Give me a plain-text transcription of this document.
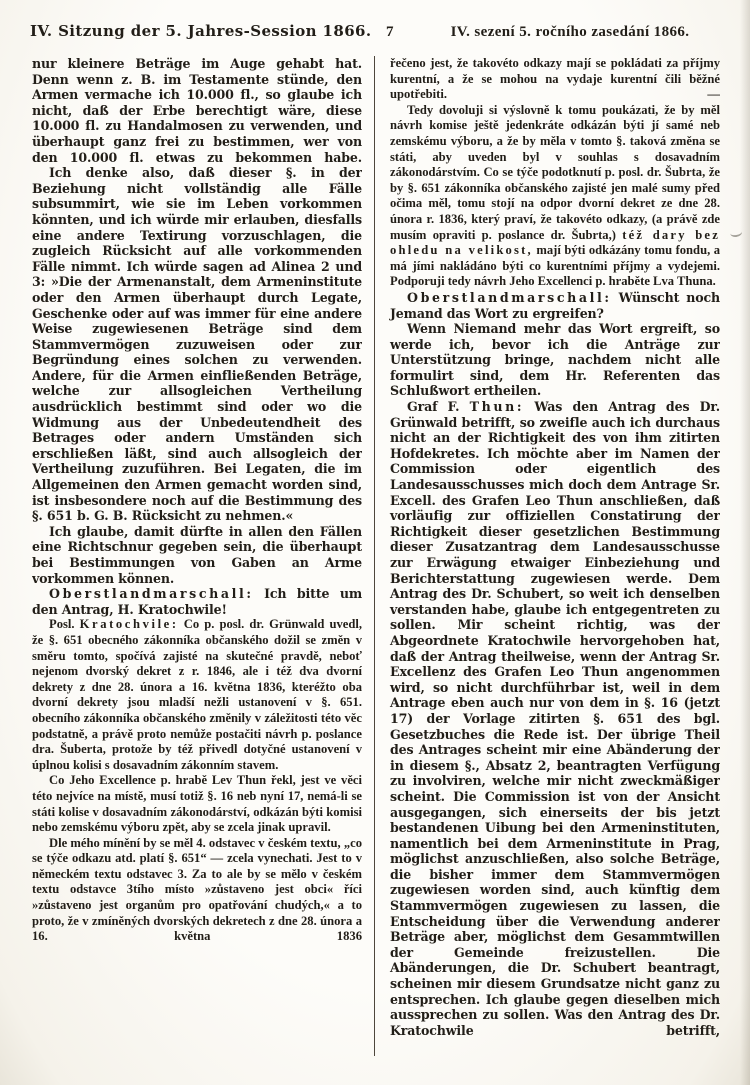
IV. Sitzung der 5. Jahres-Session 1866. 7	IV. sezení 5. ročního zasedání 1866.

nur kleinere Beträge im Auge gehabt hat. Denn wenn z. B. im Testamente stünde, den Armen vermache ich 10.000 fl., so glaube ich nicht, daß der Erbe berechtigt wäre, diese 10.000 fl. zu Handalmosen zu verwenden, und überhaupt ganz frei zu bestimmen, wer von den 10.000 fl. etwas zu bekommen habe.

Ich denke also, daß dieser §. in der Beziehung nicht vollständig alle Fälle subsummirt, wie sie im Leben vorkommen könnten, und ich würde mir erlauben, diesfalls eine andere Textirung vorzuschlagen, die zugleich Rücksicht auf alle vorkommenden Fälle nimmt. Ich würde sagen ad Alinea 2 und 3: »Die der Armenanstalt, dem Armeninstitute oder den Armen überhaupt durch Legate, Geschenke oder auf was immer für eine andere Weise zugewiesenen Beträge sind dem Stammvermögen zuzuweisen oder zur Begründung eines solchen zu verwenden. Andere, für die Armen einfließenden Beträge, welche zur allsogleichen Vertheilung ausdrücklich bestimmt sind oder wo die Widmung aus der Unbedeutendheit des Betrages oder andern Umständen sich erschließen läßt, sind auch allsogleich der Vertheilung zuzuführen. Bei Legaten, die im Allgemeinen den Armen gemacht worden sind, ist insbesondere noch auf die Bestimmung des §. 651 b. G. B. Rücksicht zu nehmen.«

Ich glaube, damit dürfte in allen den Fällen eine Richtschnur gegeben sein, die überhaupt bei Bestimmungen von Gaben an Arme vorkommen können.

Oberstlandmarschall: Ich bitte um den Antrag, H. Kratochwile!

Posl. Kratochvile: Co p. posl. dr. Grünwald uvedl, že §. 651 obecného zákonníka občanského dožil se změn v směru tomto, spočívá zajisté na skutečné pravdě, neboť nejenom dvorský dekret z r. 1846, ale i též dva dvorní dekrety z dne 28. února a 16. května 1836, kteréžto oba dvorní dekrety jsou mladší nežli ustanovení v §. 651. obecního zákonníka občanského změnily v záležitosti této věc podstatně, a právě proto nemůže postačiti návrh p. poslance dra. Šuberta, protože by též přivedl dotyčné ustanovení v úplnou kolisi s dosavadním zákonním stavem.

Co Jeho Excellence p. hrabě Lev Thun řekl, jest ve věci této nejvíce na místě, musí totiž §. 16 neb nyní 17, nemá-li se státi kolise v dosavadním zákonodárství, odkázán býti komisi nebo zemskému výboru zpět, aby se zcela jinak upravil.

Dle mého mínění by se měl 4. odstavec v českém textu, „co se týče odkazu atd. platí §. 651“ — zcela vynechati. Jest to v německém textu odstavec 3. Za to ale by se mělo v českém textu odstavce 3tího místo »zůstaveno jest obci« říci »zůstaveno jest organům pro opatřování chudých,« a to proto, že v zmíněných dvorských dekretech z dne 28. února a 16. května 1836

řečeno jest, že takovéto odkazy mají se pokládati za příjmy kurentní, a že se mohou na vydaje kurentní čili běžné upotřebiti. —

Tedy dovoluji si výslovně k tomu poukázati, že by měl návrh komise ještě jedenkráte odkázán býti jí samé neb zemskému výboru, a že by měla v tomto §. taková změna se státi, aby uveden byl v souhlas s dosavadním zákonodárstvím. Co se týče podotknutí p. posl. dr. Šubrta, že by §. 651 zákonníka občanského zajisté jen malé sumy před očima měl, tomu stojí na odpor dvorní dekret ze dne 28. února r. 1836, který praví, že takovéto odkazy, (a právě zde musím opraviti p. poslance dr. Šubrta,) též dary bez ohledu na velikost, mají býti odkázány tomu fondu, a má jími nakládáno býti co kurentními příjmy a vydejemi. Podporuji tedy návrh Jeho Excellenci p. hraběte Lva Thuna.

Oberstlandmarschall: Wünscht noch Jemand das Wort zu ergreifen?

Wenn Niemand mehr das Wort ergreift, so werde ich, bevor ich die Anträge zur Unterstützung bringe, nachdem nicht alle formulirt sind, dem Hr. Referenten das Schlußwort ertheilen.

Graf F. Thun: Was den Antrag des Dr. Grünwald betrifft, so zweifle auch ich durchaus nicht an der Richtigkeit des von ihm zitirten Hofdekretes. Ich möchte aber im Namen der Commission oder eigentlich des Landesausschusses mich doch dem Antrage Sr. Excell. des Grafen Leo Thun anschließen, daß vorläufig zur offiziellen Constatirung der Richtigkeit dieser gesetzlichen Bestimmung dieser Zusatzantrag dem Landesausschusse zur Erwägung etwaiger Einbeziehung und Berichterstattung zugewiesen werde. Dem Antrag des Dr. Schubert, so weit ich denselben verstanden habe, glaube ich entgegentreten zu sollen. Mir scheint richtig, was der Abgeordnete Kratochwile hervorgehoben hat, daß der Antrag theilweise, wenn der Antrag Sr. Excellenz des Grafen Leo Thun angenommen wird, so nicht durchführbar ist, weil in dem Antrage eben auch nur von dem in §. 16 (jetzt 17) der Vorlage zitirten §. 651 des bgl. Gesetzbuches die Rede ist. Der übrige Theil des Antrages scheint mir eine Abänderung der in diesem §., Absatz 2, beantragten Verfügung zu involviren, welche mir nicht zweckmäßiger scheint. Die Commission ist von der Ansicht ausgegangen, sich einerseits der bis jetzt bestandenen Uibung bei den Armeninstituten, namentlich bei dem Armeninstitute in Prag, möglichst anzuschließen, also solche Beträge, die bisher immer dem Stammvermögen zugewiesen worden sind, auch künftig dem Stammvermögen zugewiesen zu lassen, die Entscheidung über die Verwendung anderer Beträge aber, möglichst dem Gesammtwillen der Gemeinde freizustellen. Die Abänderungen, die Dr. Schubert beantragt, scheinen mir diesem Grundsatze nicht ganz zu entsprechen. Ich glaube gegen dieselben mich aussprechen zu sollen. Was den Antrag des Dr. Kratochwile betrifft,
